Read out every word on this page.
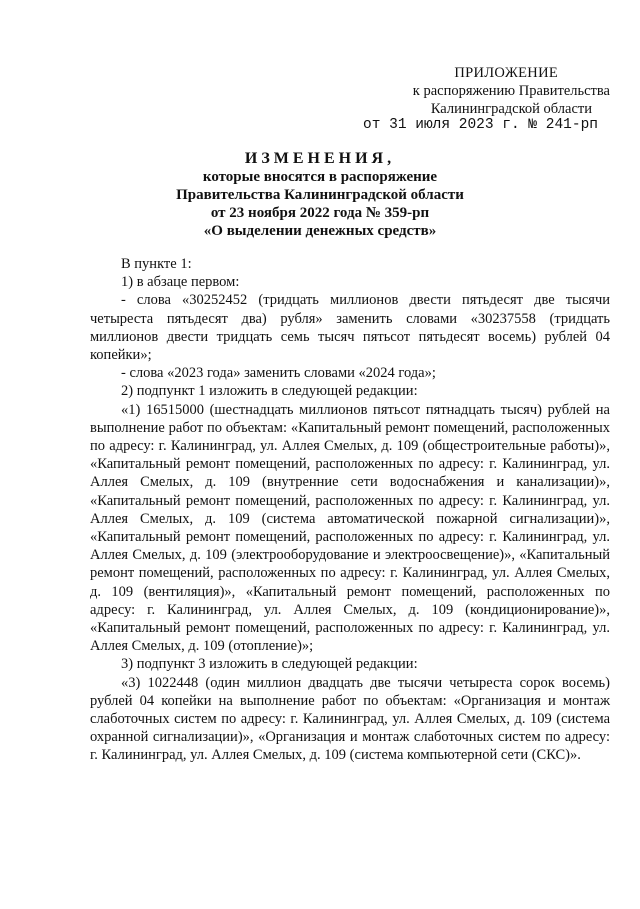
ПРИЛОЖЕНИЕ
к распоряжению Правительства
Калининградской области
от 31 июля 2023 г. № 241-рп
ИЗМЕНЕНИЯ,
которые вносятся в распоряжение
Правительства Калининградской области
от 23 ноября 2022 года № 359-рп
«О выделении денежных средств»

В пункте 1:

1) в абзаце первом:

- слова «30252452 (тридцать миллионов двести пятьдесят две тысячи четыреста пятьдесят два) рубля» заменить словами «30237558 (тридцать миллионов двести тридцать семь тысяч пятьсот пятьдесят восемь) рублей 04 копейки»;

- слова «2023 года» заменить словами «2024 года»;

2) подпункт 1 изложить в следующей редакции:

«1) 16515000 (шестнадцать миллионов пятьсот пятнадцать тысяч) рублей на выполнение работ по объектам: «Капитальный ремонт помещений, расположенных по адресу: г. Калининград, ул. Аллея Смелых, д. 109 (общестроительные работы)», «Капитальный ремонт помещений, расположенных по адресу: г. Калининград, ул. Аллея Смелых, д. 109 (внутренние сети водоснабжения и канализации)», «Капитальный ремонт помещений, расположенных по адресу: г. Калининград, ул. Аллея Смелых, д. 109 (система автоматической пожарной сигнализации)», «Капитальный ремонт помещений, расположенных по адресу: г. Калининград, ул. Аллея Смелых, д. 109 (электрооборудование и электроосвещение)», «Капитальный ремонт помещений, расположенных по адресу: г. Калининград, ул. Аллея Смелых, д. 109 (вентиляция)», «Капитальный ремонт помещений, расположенных по адресу: г. Калининград, ул. Аллея Смелых, д. 109 (кондиционирование)», «Капитальный ремонт помещений, расположенных по адресу: г. Калининград, ул. Аллея Смелых, д. 109 (отопление)»;

3) подпункт 3 изложить в следующей редакции:

«3) 1022448 (один миллион двадцать две тысячи четыреста сорок восемь) рублей 04 копейки на выполнение работ по объектам: «Организация и монтаж слаботочных систем по адресу: г. Калининград, ул. Аллея Смелых, д. 109 (система охранной сигнализации)», «Организация и монтаж слаботочных систем по адресу: г. Калининград, ул. Аллея Смелых, д. 109 (система компьютерной сети (СКС)».
